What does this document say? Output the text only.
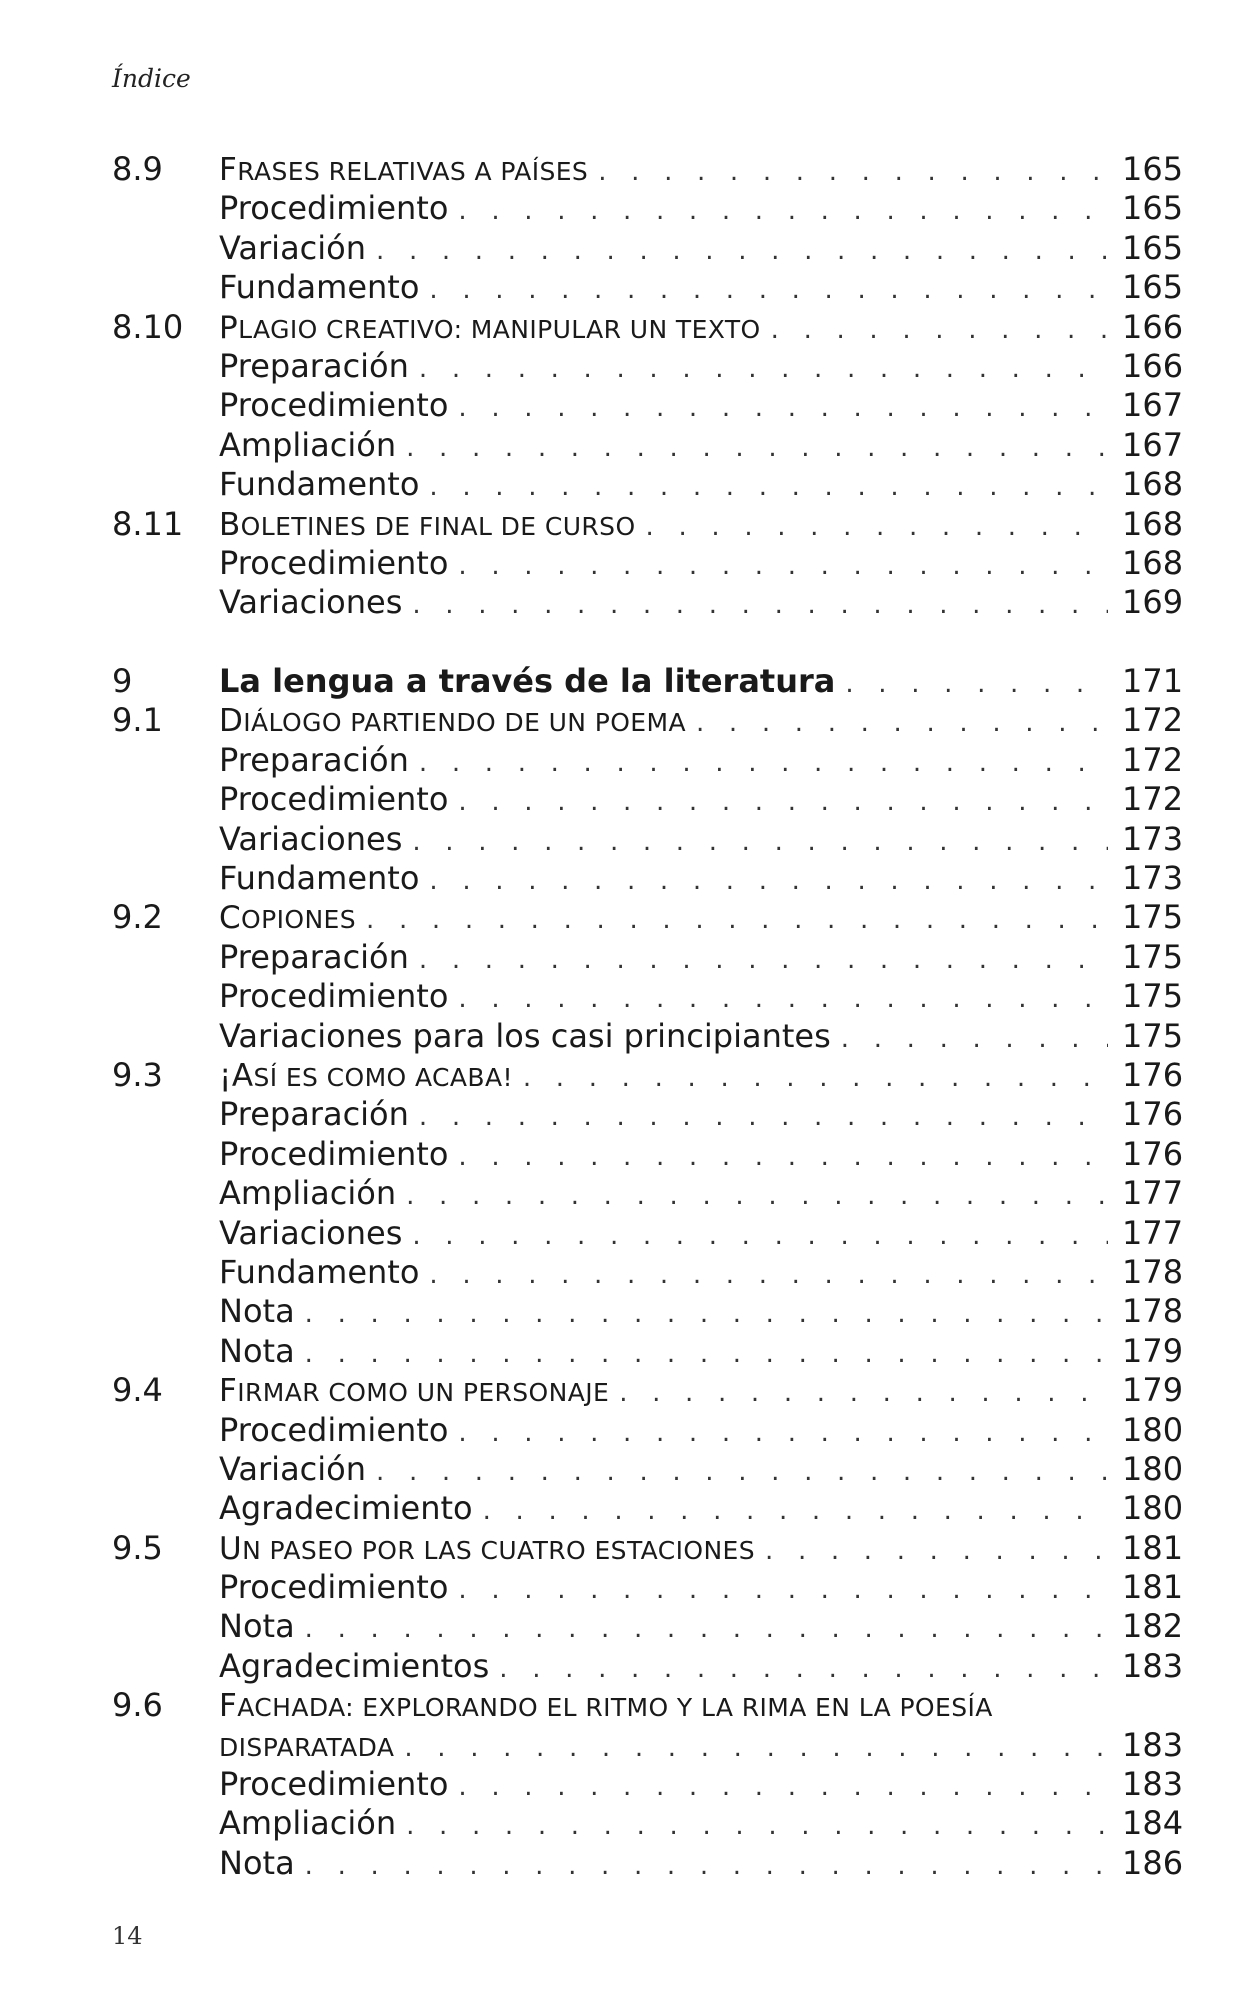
Índice
8.9	FRASES RELATIVAS A PAÍSES . . .	165
Procedimiento . . .	165
Variación . . .	165
Fundamento . . .	165
8.10	PLAGIO CREATIVO: MANIPULAR UN TEXTO . . .	166
Preparación . . .	166
Procedimiento . . .	167
Ampliación . . .	167
Fundamento . . .	168
8.11	BOLETINES DE FINAL DE CURSO . . .	168
Procedimiento . . .	168
Variaciones . . .	169
9	La lengua a través de la literatura . . .	171
9.1	DIÁLOGO PARTIENDO DE UN POEMA . . .	172
Preparación . . .	172
Procedimiento . . .	172
Variaciones . . .	173
Fundamento . . .	173
9.2	COPIONES . . .	175
Preparación . . .	175
Procedimiento . . .	175
Variaciones para los casi principiantes . . .	175
9.3	¡ASÍ ES COMO ACABA! . . .	176
Preparación . . .	176
Procedimiento . . .	176
Ampliación . . .	177
Variaciones . . .	177
Fundamento . . .	178
Nota . . .	178
Nota . . .	179
9.4	FIRMAR COMO UN PERSONAJE . . .	179
Procedimiento . . .	180
Variación . . .	180
Agradecimiento . . .	180
9.5	UN PASEO POR LAS CUATRO ESTACIONES . . .	181
Procedimiento . . .	181
Nota . . .	182
Agradecimientos . . .	183
9.6	FACHADA: EXPLORANDO EL RITMO Y LA RIMA EN LA POESÍA
DISPARATADA . . .	183
Procedimiento . . .	183
Ampliación . . .	184
Nota . . .	186
14
